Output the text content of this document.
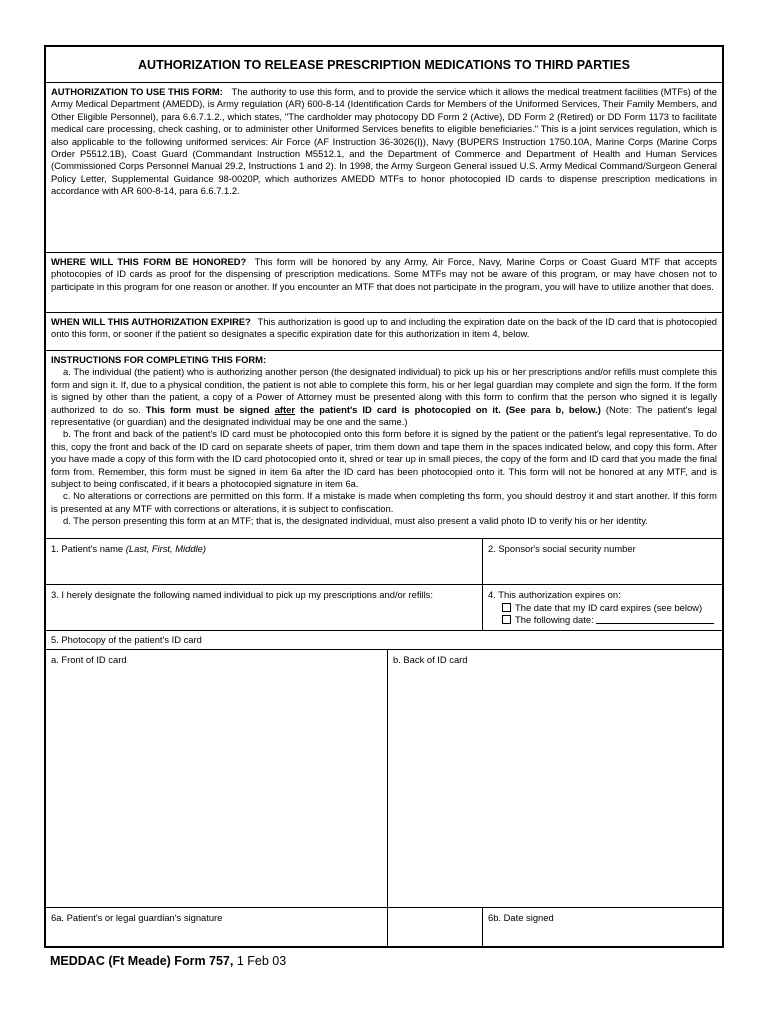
AUTHORIZATION TO RELEASE PRESCRIPTION MEDICATIONS TO THIRD PARTIES
AUTHORIZATION TO USE THIS FORM: The authority to use this form, and to provide the service which it allows the medical treatment facilities (MTFs) of the Army Medical Department (AMEDD), is Army regulation (AR) 600-8-14 (Identification Cards for Members of the Uniformed Services, Their Family Members, and Other Eligible Personnel), para 6.6.7.1.2., which states, "The cardholder may photocopy DD Form 2 (Active), DD Form 2 (Retired) or DD Form 1173 to facilitate medical care processing, check cashing, or to administer other Uniformed Services benefits to eligible beneficiaries." This is a joint services regulation, which is also applicable to the following uniformed services: Air Force (AF Instruction 36-3026(I)), Navy (BUPERS Instruction 1750.10A, Marine Corps (Marine Corps Order P5512.1B), Coast Guard (Commandant Instruction M5512.1, and the Department of Commerce and Department of Health and Human Services (Commissioned Corps Personnel Manual 29.2, Instructions 1 and 2). In 1998, the Army Surgeon General issued U.S. Army Medical Command/Surgeon General Policy Letter, Supplemental Guidance 98-0020P, which authorizes AMEDD MTFs to honor photocopied ID cards to dispense prescription medications in accordance with AR 600-8-14, para 6.6.7.1.2.
WHERE WILL THIS FORM BE HONORED? This form will be honored by any Army, Air Force, Navy, Marine Corps or Coast Guard MTF that accepts photocopies of ID cards as proof for the dispensing of prescription medications. Some MTFs may not be aware of this program, or may have chosen not to participate in this program for one reason or another. If you encounter an MTF that does not participate in the program, you will have to utilize another that does.
WHEN WILL THIS AUTHORIZATION EXPIRE? This authorization is good up to and including the expiration date on the back of the ID card that is photocopied onto this form, or sooner if the patient so designates a specific expiration date for this authorization in item 4, below.
INSTRUCTIONS FOR COMPLETING THIS FORM:
a. The individual (the patient) who is authorizing another person (the designated individual) to pick up his or her prescriptions and/or refills must complete this form and sign it. If, due to a physical condition, the patient is not able to complete this form, his or her legal guardian may complete and sign the form. If the form is signed by other than the patient, a copy of a Power of Attorney must be presented along with this form to confirm that the person who signed it is legally authorized to do so. This form must be signed after the patient's ID card is photocopied on it. (See para b, below.) (Note: The patient's legal representative (or guardian) and the designated individual may be one and the same.)
b. The front and back of the patient's ID card must be photocopied onto this form before it is signed by the patient or the patient's legal representative. To do this, copy the front and back of the ID card on separate sheets of paper, trim them down and tape them in the spaces indicated below, and copy this form. After you have made a copy of this form with the ID card photocopied onto it, shred or tear up in small pieces, the copy of the form and ID card that you made the final form from. Remember, this form must be signed in item 6a after the ID card has been photocopied onto it. This form will not be honored at any MTF, and is subject to being confiscated, if it bears a photocopied signature in item 6a.
c. No alterations or corrections are permitted on this form. If a mistake is made when completing ths form, you should destroy it and start another. If this form is presented at any MTF with corrections or alterations, it is subject to confiscation.
d. The person presenting this form at an MTF; that is, the designated individual, must also present a valid photo ID to verify his or her identity.
1. Patient's name (Last, First, Middle)	2. Sponsor's social security number
3. I herely designate the following named individual to pick up my prescriptions and/or refills:	4. This authorization expires on:
The date that my ID card expires (see below)
The following date:
5. Photocopy of the patient's ID card
a. Front of ID card	b. Back of ID card
6a. Patient's or legal guardian's signature	6b. Date signed
MEDDAC (Ft Meade) Form 757, 1 Feb 03
